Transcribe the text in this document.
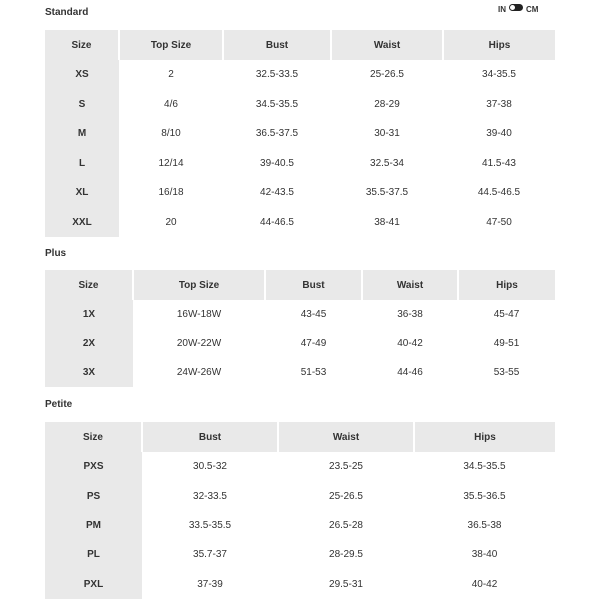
Standard	IN	CM
Size	Top Size	Bust	Waist	Hips
XS	2	32.5-33.5	25-26.5	34-35.5
S	4/6	34.5-35.5	28-29	37-38
M	8/10	36.5-37.5	30-31	39-40
L	12/14	39-40.5	32.5-34	41.5-43
XL	16/18	42-43.5	35.5-37.5	44.5-46.5
XXL	20	44-46.5	38-41	47-50
Plus
Size	Top Size	Bust	Waist	Hips
1X	16W-18W	43-45	36-38	45-47
2X	20W-22W	47-49	40-42	49-51
3X	24W-26W	51-53	44-46	53-55
Petite
Size	Bust	Waist	Hips
PXS	30.5-32	23.5-25	34.5-35.5
PS	32-33.5	25-26.5	35.5-36.5
PM	33.5-35.5	26.5-28	36.5-38
PL	35.7-37	28-29.5	38-40
PXL	37-39	29.5-31	40-42
